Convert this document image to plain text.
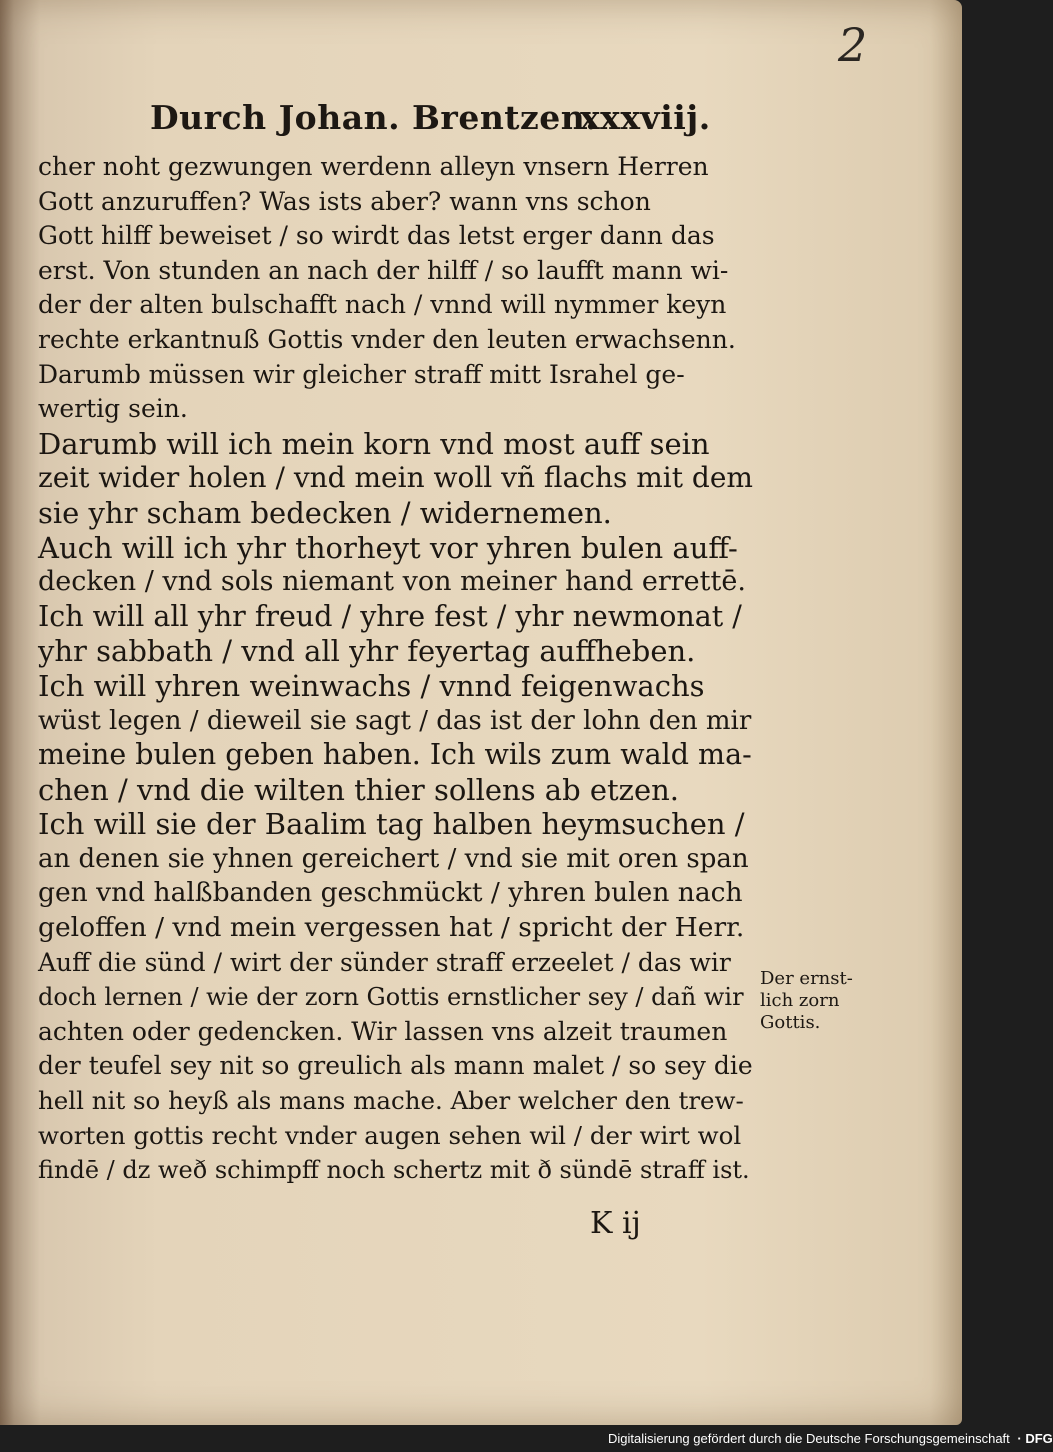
2
Durch Johan. Brentzen.
xxxviij.
cher noht gezwungen werdenn alleyn vnsern Herren
Gott anzuruffen? Was ists aber? wann vns schon
Gott hilff beweiset / so wirdt das letst erger dann das
erst. Von stunden an nach der hilff / so laufft mann wi-
der der alten bulschafft nach / vnnd will nymmer keyn
rechte erkantnuß Gottis vnder den leuten erwachsenn.
Darumb müssen wir gleicher straff mitt Israhel ge-
wertig sein.
Darumb will ich mein korn vnd most auff sein
zeit wider holen / vnd mein woll vñ flachs mit dem
sie yhr scham bedecken / widernemen.
Auch will ich yhr thorheyt vor yhren bulen auff-
decken / vnd sols niemant von meiner hand errettē.
Ich will all yhr freud / yhre fest / yhr newmonat /
yhr sabbath / vnd all yhr feyertag auffheben.
Ich will yhren weinwachs / vnnd feigenwachs
wüst legen / dieweil sie sagt / das ist der lohn den mir
meine bulen geben haben. Ich wils zum wald ma-
chen / vnd die wilten thier sollens ab etzen.
Ich will sie der Baalim tag halben heymsuchen /
an denen sie yhnen gereichert / vnd sie mit oren span
gen vnd halßbanden geschmückt / yhren bulen nach
geloffen / vnd mein vergessen hat / spricht der Herr.
Auff die sünd / wirt der sünder straff erzeelet / das wir
doch lernen / wie der zorn Gottis ernstlicher sey / dañ wir
achten oder gedencken. Wir lassen vns alzeit traumen
der teufel sey nit so greulich als mann malet / so sey die
hell nit so heyß als mans mache. Aber welcher den trew-
worten gottis recht vnder augen sehen wil / der wirt wol
findē / dz weð schimpff noch schertz mit ð sündē straff ist.
Der ernst-
lich zorn
Gottis.
K ij
Digitalisierung gefördert durch die Deutsche Forschungsgemeinschaft · DFG
